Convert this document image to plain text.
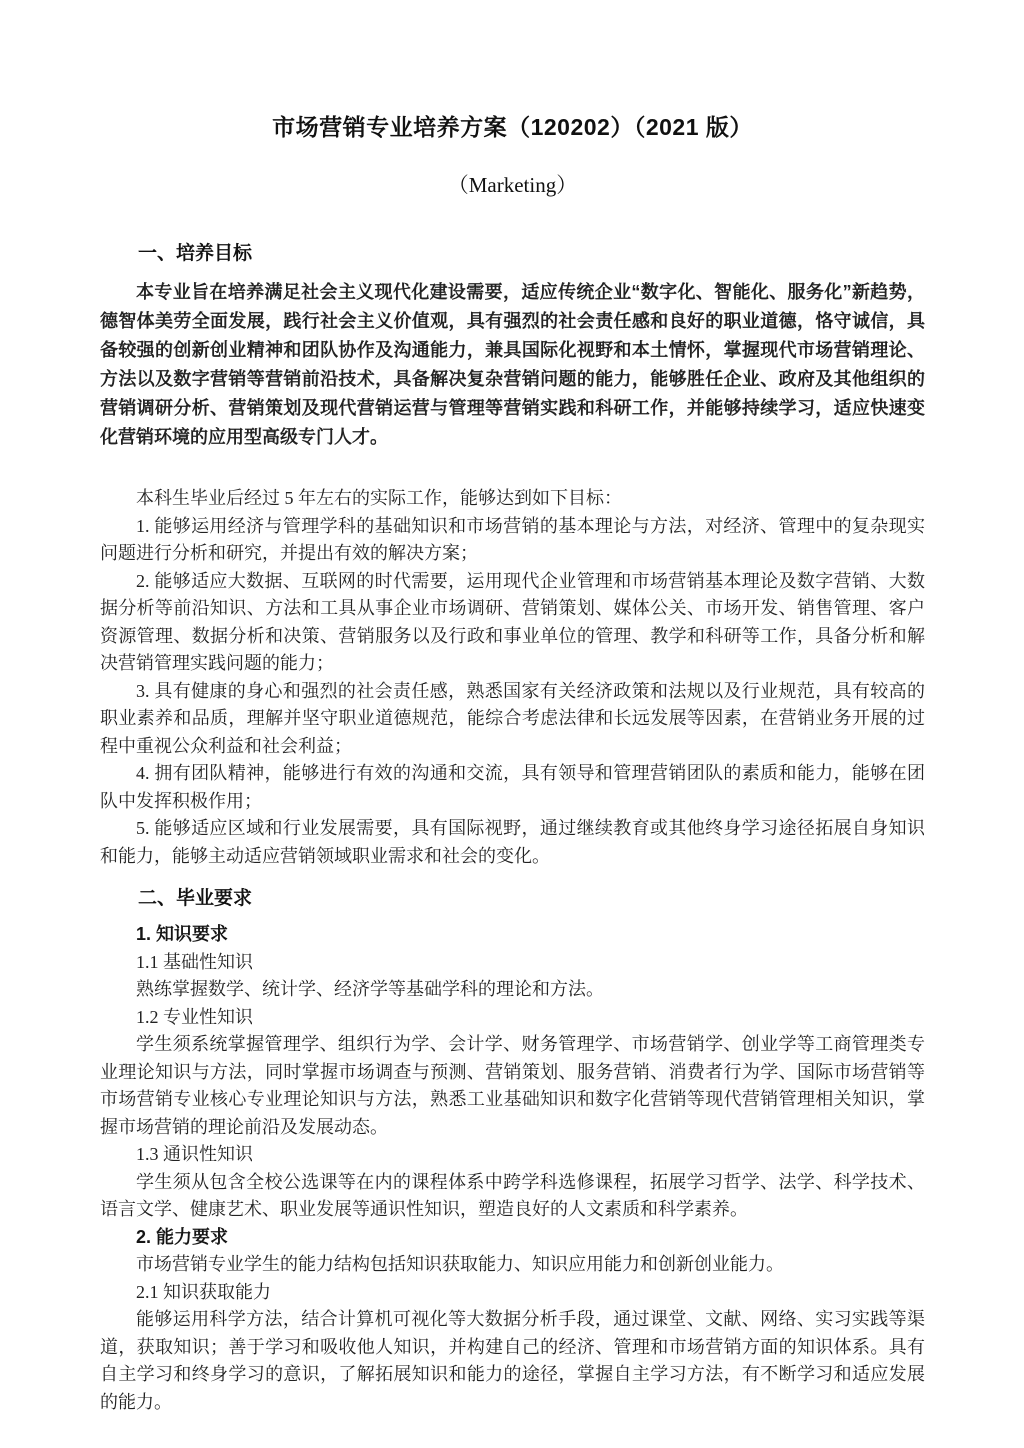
市场营销专业培养方案（120202）（2021 版）
（Marketing）
一、培养目标

本专业旨在培养满足社会主义现代化建设需要，适应传统企业“数字化、智能化、服务化”新趋势，德智体美劳全面发展，践行社会主义价值观，具有强烈的社会责任感和良好的职业道德，恪守诚信，具备较强的创新创业精神和团队协作及沟通能力，兼具国际化视野和本土情怀，掌握现代市场营销理论、方法以及数字营销等营销前沿技术，具备解决复杂营销问题的能力，能够胜任企业、政府及其他组织的营销调研分析、营销策划及现代营销运营与管理等营销实践和科研工作，并能够持续学习，适应快速变化营销环境的应用型高级专门人才。

本科生毕业后经过 5 年左右的实际工作，能够达到如下目标：

1. 能够运用经济与管理学科的基础知识和市场营销的基本理论与方法，对经济、管理中的复杂现实问题进行分析和研究，并提出有效的解决方案；

2. 能够适应大数据、互联网的时代需要，运用现代企业管理和市场营销基本理论及数字营销、大数据分析等前沿知识、方法和工具从事企业市场调研、营销策划、媒体公关、市场开发、销售管理、客户资源管理、数据分析和决策、营销服务以及行政和事业单位的管理、教学和科研等工作，具备分析和解决营销管理实践问题的能力；

3. 具有健康的身心和强烈的社会责任感，熟悉国家有关经济政策和法规以及行业规范，具有较高的职业素养和品质，理解并坚守职业道德规范，能综合考虑法律和长远发展等因素，在营销业务开展的过程中重视公众利益和社会利益；

4. 拥有团队精神，能够进行有效的沟通和交流，具有领导和管理营销团队的素质和能力，能够在团队中发挥积极作用；

5. 能够适应区域和行业发展需要，具有国际视野，通过继续教育或其他终身学习途径拓展自身知识和能力，能够主动适应营销领域职业需求和社会的变化。

二、毕业要求

1. 知识要求

1.1 基础性知识

熟练掌握数学、统计学、经济学等基础学科的理论和方法。

1.2 专业性知识

学生须系统掌握管理学、组织行为学、会计学、财务管理学、市场营销学、创业学等工商管理类专业理论知识与方法，同时掌握市场调查与预测、营销策划、服务营销、消费者行为学、国际市场营销等市场营销专业核心专业理论知识与方法，熟悉工业基础知识和数字化营销等现代营销管理相关知识，掌握市场营销的理论前沿及发展动态。

1.3 通识性知识

学生须从包含全校公选课等在内的课程体系中跨学科选修课程，拓展学习哲学、法学、科学技术、语言文学、健康艺术、职业发展等通识性知识，塑造良好的人文素质和科学素养。

2. 能力要求

市场营销专业学生的能力结构包括知识获取能力、知识应用能力和创新创业能力。

2.1 知识获取能力

能够运用科学方法，结合计算机可视化等大数据分析手段，通过课堂、文献、网络、实习实践等渠道，获取知识；善于学习和吸收他人知识，并构建自己的经济、管理和市场营销方面的知识体系。具有自主学习和终身学习的意识，了解拓展知识和能力的途径，掌握自主学习方法，有不断学习和适应发展的能力。
